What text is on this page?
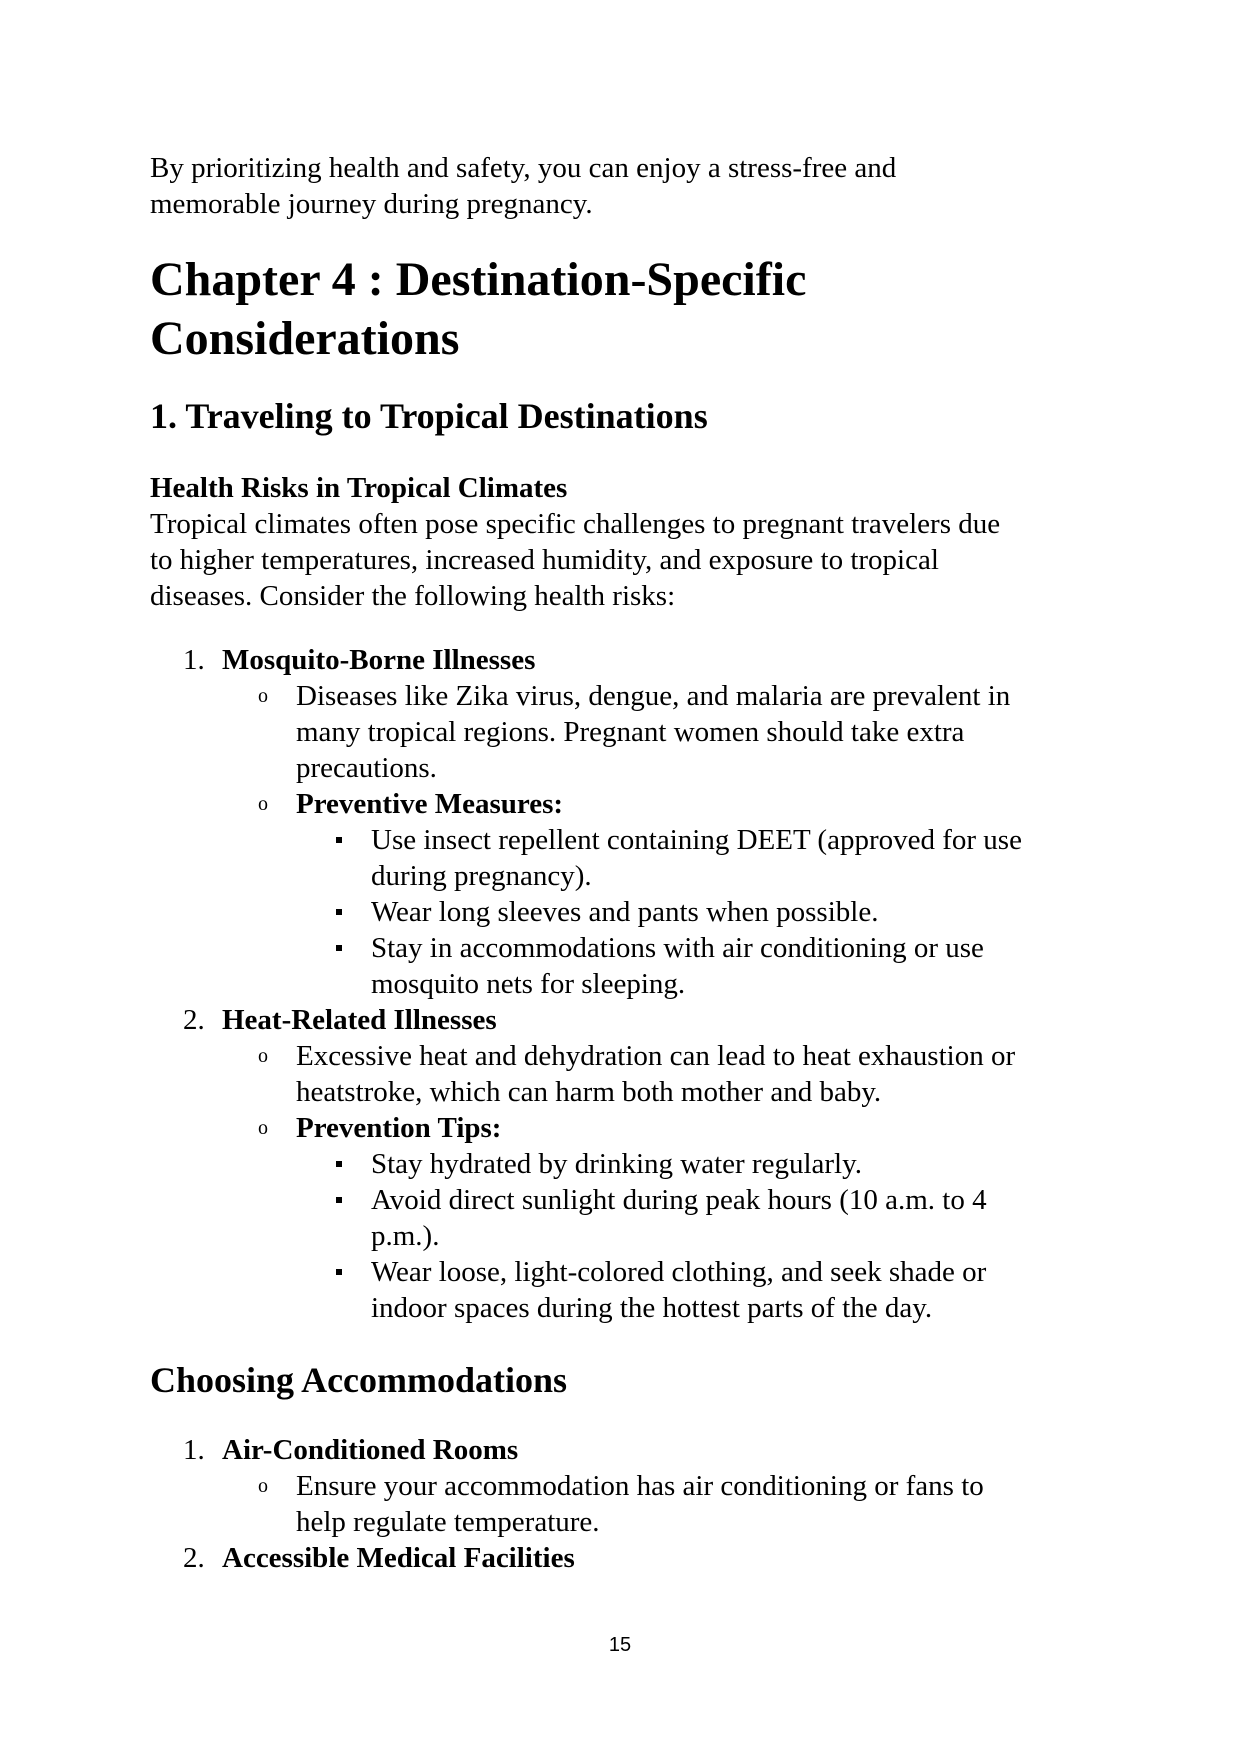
By prioritizing health and safety, you can enjoy a stress-free and
memorable journey during pregnancy.

Chapter 4 : Destination-Specific
Considerations
1. Traveling to Tropical Destinations
Health Risks in Tropical Climates

Tropical climates often pose specific challenges to pregnant travelers due
to higher temperatures, increased humidity, and exposure to tropical
diseases. Consider the following health risks:

1. Mosquito-Borne Illnesses
o Diseases like Zika virus, dengue, and malaria are prevalent in
many tropical regions. Pregnant women should take extra
precautions.
o Preventive Measures:
Use insect repellent containing DEET (approved for use
during pregnancy).
Wear long sleeves and pants when possible.
Stay in accommodations with air conditioning or use
mosquito nets for sleeping.
2. Heat-Related Illnesses
o Excessive heat and dehydration can lead to heat exhaustion or
heatstroke, which can harm both mother and baby.
o Prevention Tips:
Stay hydrated by drinking water regularly.
Avoid direct sunlight during peak hours (10 a.m. to 4
p.m.).
Wear loose, light-colored clothing, and seek shade or
indoor spaces during the hottest parts of the day.
Choosing Accommodations
1. Air-Conditioned Rooms
o Ensure your accommodation has air conditioning or fans to
help regulate temperature.
2. Accessible Medical Facilities
15
